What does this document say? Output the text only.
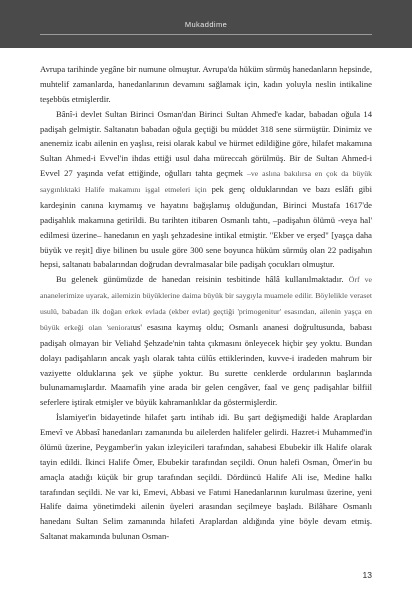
Mukaddime

Avrupa tarihinde yegâne bir numune olmuştur. Avrupa'da hüküm sürmüş hanedanların hepsinde, muhtelif zamanlarda, hanedanlarının devamını sağlamak için, kadın yoluyla neslin intikaline teşebbüs etmişlerdir.

Bânî-i devlet Sultan Birinci Osman'dan Birinci Sultan Ahmed'e kadar, babadan oğula 14 padişah gelmiştir. Saltanatın babadan oğula geçtiği bu müddet 318 sene sürmüştür. Dinimiz ve anenemiz icabı ailenin en yaşlısı, reisi olarak kabul ve hürmet edildiğine göre, hilafet makamına Sultan Ahmed-i Evvel'in ihdas ettiği usul daha müreccah görülmüş. Bir de Sultan Ahmed-i Evvel 27 yaşında vefat ettiğinde, oğulları tahta geçmek –ve aslına bakılırsa en çok da büyük saygınlıktaki Halife makamını işgal etmeleri için pek genç olduklarından ve bazı eslâfı gibi kardeşinin canına kıymamış ve hayatını bağışlamış olduğundan, Birinci Mustafa 1617'de padişahlık makamına getirildi. Bu tarihten itibaren Osmanlı tahtı, –padişahın ölümü -veya hal' edilmesi üzerine– hanedanın en yaşlı şehzadesine intikal etmiştir. "Ekber ve erşed" [yaşça daha büyük ve reşit] diye bilinen bu usule göre 300 sene boyunca hüküm sürmüş olan 22 padişahın hepsi, saltanatı babalarından doğrudan devralmasalar bile padişah çocukları olmuştur.

Bu gelenek günümüzde de hanedan reisinin tesbitinde hâlâ kullanılmaktadır. Örf ve ananelerimize uyarak, ailemizin büyüklerine daima büyük bir saygıyla muamele edilir. Böylelikle veraset usulü, babadan ilk doğan erkek evlada (ekber evlat) geçtiği 'primogenitur' esasından, ailenin yaşça en büyük erkeği olan 'senioratus' esasına kaymış oldu; Osmanlı ananesi doğrultusunda, babası padişah olmayan bir Veliahd Şehzade'nin tahta çıkmasını önleyecek hiçbir şey yoktu. Bundan dolayı padişahların ancak yaşlı olarak tahta cülûs ettiklerinden, kuvve-i iradeden mahrum bir vaziyette olduklarına şek ve şüphe yoktur. Bu surette cenklerde ordularının başlarında bulunamamışlardır. Maamafih yine arada bir gelen cengâver, faal ve genç padişahlar bilfiil seferlere iştirak etmişler ve büyük kahramanlıklar da göstermişlerdir.

İslamiyet'in bidayetinde hilafet şartı intihab idi. Bu şart değişmediği halde Araplardan Emevî ve Abbasî hanedanları zamanında bu ailelerden halifeler gelirdi. Hazret-i Muhammed'in ölümü üzerine, Peygamber'in yakın izleyicileri tarafından, sahabesi Ebubekir ilk Halife olarak tayin edildi. İkinci Halife Ömer, Ebubekir tarafından seçildi. Onun halefi Osman, Ömer'in bu amaçla atadığı küçük bir grup tarafından seçildi. Dördüncü Halife Ali ise, Medine halkı tarafından seçildi. Ne var ki, Emevi, Abbasi ve Fatımi Hanedanlarının kurulması üzerine, yeni Halife daima yönetimdeki ailenin üyeleri arasından seçilmeye başladı. Bilâhare Osmanlı hanedanı Sultan Selim zamanında hilafeti Araplardan aldığında yine böyle devam etmiş. Saltanat makamında bulunan Osman-

13
